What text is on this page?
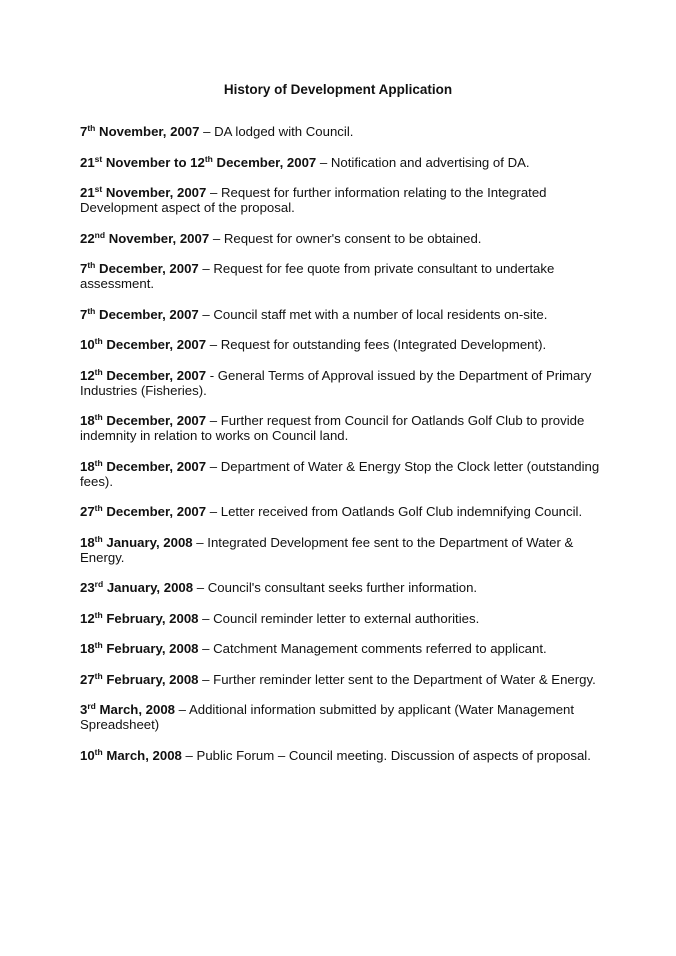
History of Development Application

7th November, 2007 – DA lodged with Council.

21st November to 12th December, 2007 – Notification and advertising of DA.

21st November, 2007 – Request for further information relating to the Integrated Development aspect of the proposal.

22nd November, 2007 – Request for owner's consent to be obtained.

7th December, 2007 – Request for fee quote from private consultant to undertake assessment.

7th December, 2007 – Council staff met with a number of local residents on-site.

10th December, 2007 – Request for outstanding fees (Integrated Development).

12th December, 2007 - General Terms of Approval issued by the Department of Primary Industries (Fisheries).

18th December, 2007 – Further request from Council for Oatlands Golf Club to provide indemnity in relation to works on Council land.

18th December, 2007 – Department of Water & Energy Stop the Clock letter (outstanding fees).

27th December, 2007 – Letter received from Oatlands Golf Club indemnifying Council.

18th January, 2008 – Integrated Development fee sent to the Department of Water & Energy.

23rd January, 2008 – Council's consultant seeks further information.

12th February, 2008 – Council reminder letter to external authorities.

18th February, 2008 – Catchment Management comments referred to applicant.

27th February, 2008 – Further reminder letter sent to the Department of Water & Energy.

3rd March, 2008 – Additional information submitted by applicant (Water Management Spreadsheet)

10th March, 2008 – Public Forum – Council meeting. Discussion of aspects of proposal.
